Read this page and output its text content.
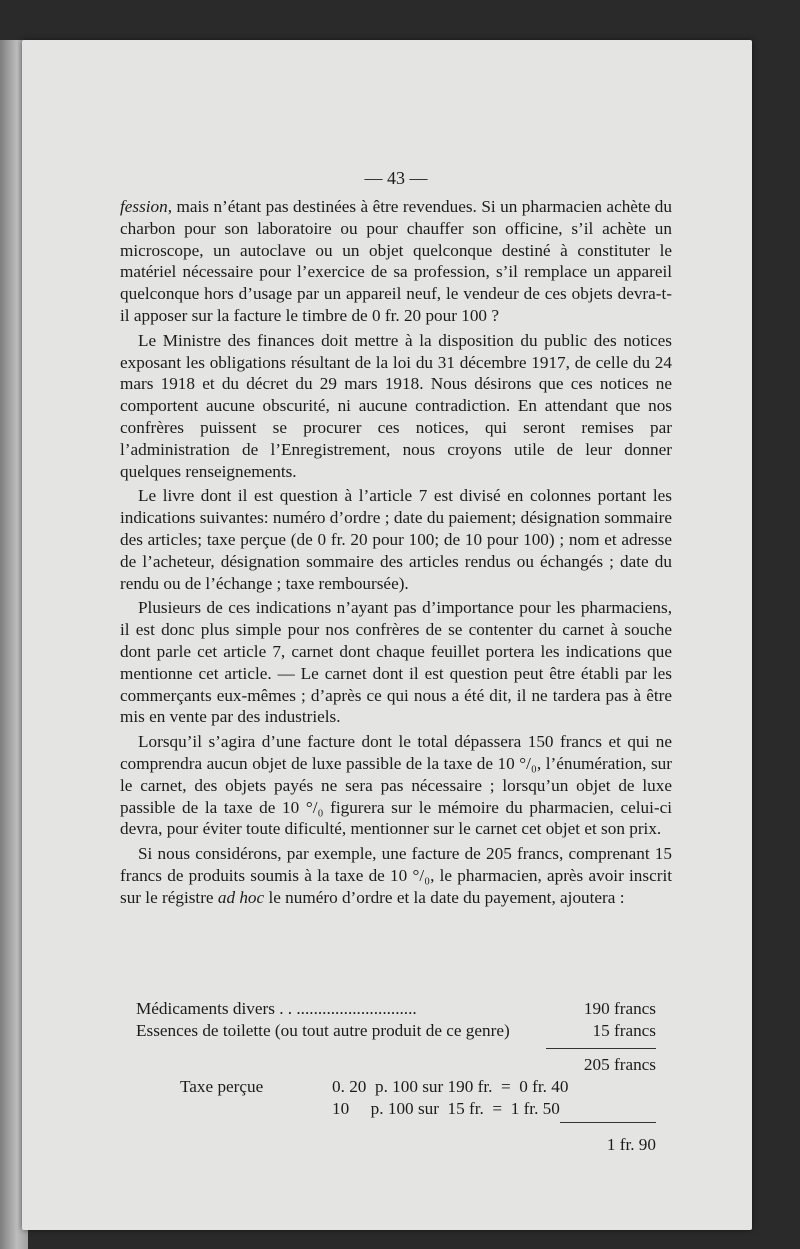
— 43 —

fession, mais n’étant pas destinées à être revendues. Si un pharmacien achète du charbon pour son laboratoire ou pour chauffer son officine, s’il achète un microscope, un autoclave ou un objet quelconque destiné à constituter le matériel nécessaire pour l’exercice de sa profession, s’il remplace un appareil quelconque hors d’usage par un appareil neuf, le vendeur de ces objets devra-t-il apposer sur la facture le timbre de 0 fr. 20 pour 100 ?

Le Ministre des finances doit mettre à la disposition du public des notices exposant les obligations résultant de la loi du 31 décembre 1917, de celle du 24 mars 1918 et du décret du 29 mars 1918. Nous désirons que ces notices ne comportent aucune obscurité, ni aucune contradiction. En attendant que nos confrères puissent se procurer ces notices, qui seront remises par l’administration de l’Enregistrement, nous croyons utile de leur donner quelques renseignements.

Le livre dont il est question à l’article 7 est divisé en colonnes portant les indications suivantes: numéro d’ordre ; date du paiement; désignation sommaire des articles; taxe perçue (de 0 fr. 20 pour 100; de 10 pour 100) ; nom et adresse de l’acheteur, désignation sommaire des articles rendus ou échangés ; date du rendu ou de l’échange ; taxe remboursée).

Plusieurs de ces indications n’ayant pas d’importance pour les pharmaciens, il est donc plus simple pour nos confrères de se contenter du carnet à souche dont parle cet article 7, carnet dont chaque feuillet portera les indications que mentionne cet article. — Le carnet dont il est question peut être établi par les commerçants eux-mêmes ; d’après ce qui nous a été dit, il ne tardera pas à être mis en vente par des industriels.

Lorsqu’il s’agira d’une facture dont le total dépassera 150 francs et qui ne comprendra aucun objet de luxe passible de la taxe de 10 °/₀, l’énumération, sur le carnet, des objets payés ne sera pas nécessaire ; lorsqu’un objet de luxe passible de la taxe de 10 °/₀ figurera sur le mémoire du pharmacien, celui-ci devra, pour éviter toute dificulté, mentionner sur le carnet cet objet et son prix.

Si nous considérons, par exemple, une facture de 205 francs, comprenant 15 francs de produits soumis à la taxe de 10 °/₀, le pharmacien, après avoir inscrit sur le régistre ad hoc le numéro d’ordre et la date du payement, ajoutera :

Médicaments divers . . ............................	190 francs
Essences de toilette (ou tout autre produit de ce genre)	15 francs
205 francs
Taxe perçue	0. 20  p. 100 sur 190 fr.  =  0 fr. 40
10     p. 100 sur  15 fr.  =  1 fr. 50
1 fr. 90
